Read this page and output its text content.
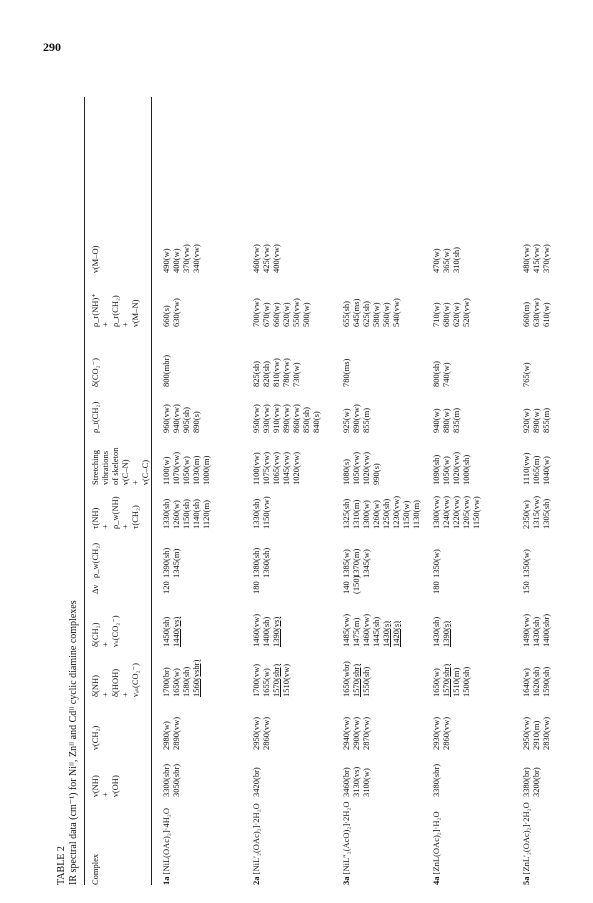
290
TABLE 2 IR spectral data (cm⁻¹) for Niᴵᴵ, Znᴵᴵ and Cdᴵᴵ cyclic diamine complexes Complex
ν(NH) + ν(OH)
ν(CH₂)
δ(NH) + δ(HOH) + νₐₛ(CO₂⁻)
δ(CH₂) + νₛ(CO₂⁻)
Δν
ρ_w(CH₂)
τ(NH) + ρ_w(NH) + τ(CH₂)
Stretching vibrations of skeleton ν(C–N) + ν(C–C)
ρ_t(CH₂)
δ(CO₂⁻)
ρ_r(NH)⁺ + ρ_r(CH₂) + ν(M–N)
ν(M–O)
1a [NiL(OAc)₂]·4H₂O
3300(sbr) 3050(sbr)
2980(w) 2890(vw)
1700(br) 1650(w) 1580(sh) 1560(vsbr)
1450(sh) 1440(vs)
120
1390(sh) 1345(m)
1330(sh) 1260(w) 1150(sh) 1140(sh) 1120(m)
1100(w) 1070(vw) 1050(w) 1030(m) 1000(m)
960(vw) 940(vw) 905(sh) 890(s)
800(mbr)
660(s) 630(vw)
490(w) 400(w) 370(vw) 340(vw)
2a [NiL′₂(OAc)₂]·2H₂O
3420(br)
2950(vw) 2860(vw)
1700(vw) 1655(w) 1570(sbr) 1510(vw)
1460(vw) 1400(sh) 1390(vs)
180
1380(sh) 1360(sh)
1330(sh) 1150(vw)
1100(vw) 1075(vw) 1065(vw) 1045(vw) 1020(vw)
950(vw) 930(vw) 910(vw) 890(vw) 860(vw) 850(sh) 840(s)
825(sh) 820(sh) 810(vw) 780(vw) 730(w)
700(vw) 670(w) 660(w) 620(w) 550(vw) 500(w)
460(vw) 425(vw) 400(vw)
3a [NiL″₂(AcO)₂]·2H₂O
3460(br) 3130(vs) 3100(w)
2940(vw) 2900(vw) 2870(vw)
1650(wbr) 1570(sbr) 1550(sh)
1485(vw) 1475(m) 1460(vw) 1445(sh) 1430(s) 1420(s)
140 (150)
1385(w) 1370(m) 1345(w)
1325(sh) 1310(m) 1300(w) 1260(w) 1250(sh) 1230(vw) 1150(w) 1130(m)
1080(s) 1050(vw) 1020(vw) 990(s)
925(w) 890(vw) 855(m)
780(ms)
655(sh) 645(ms) 625(sh) 580(w) 560(w) 540(vw)
4a [ZnL(OAc)₂]·H₂O
3380(sbr)
2930(vw) 2860(vw)
1650(w) 1570(sbr) 1510(m) 1500(sh)
1430(sh) 1390(s)
180
1350(w)
1300(vw) 1240(vw) 1220(vw) 1205(vw) 1150(vw)
1090(sh) 1050(w) 1020(vw) 1000(sh)
940(w) 880(w) 835(m)
800(sh) 740(w)
710(w) 680(w) 620(w) 520(vw)
470(w) 365(w) 310(sh)
5a [ZnL′₂(OAc)₂]·2H₂O
3380(br) 3200(br)
2950(vw) 2910(m) 2830(vw)
1640(w) 1620(sh) 1590(sh)
1490(vw) 1430(sh) 1400(sbr)
150
1350(w)
2350(w) 1315(vw) 1305(sh)
1110(vw) 1065(m) 1040(w)
920(w) 890(w) 855(m)
765(w)
660(m) 630(vw) 610(w)
480(vw) 415(vw) 370(vw)
